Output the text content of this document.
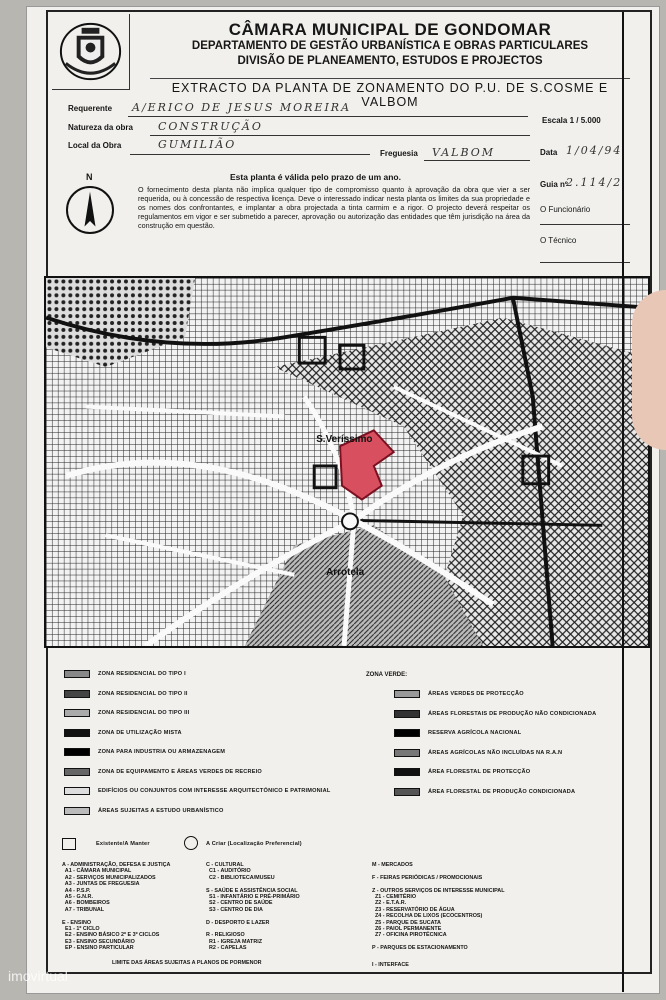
CÂMARA MUNICIPAL DE GONDOMAR
DEPARTAMENTO DE GESTÃO URBANÍSTICA E OBRAS PARTICULARES
DIVISÃO DE PLANEAMENTO, ESTUDOS E PROJECTOS
EXTRACTO DA PLANTA DE ZONAMENTO DO P.U. DE S.COSME E VALBOM
Requerente A/ERICO DE JESUS MOREIRA
Escala 1 / 5.000
Natureza da obra CONSTRUÇÃO
Local da Obra	GUMILIÃO
Freguesia VALBOM	Data 1/04/94
N	Esta planta é válida pelo prazo de um ano.
O fornecimento desta planta não implica qualquer tipo de compromisso quanto à aprovação da obra que vier a ser requerida, ou à concessão de respectiva licença. Deve o interessado indicar nesta planta os limites da sua propriedade e os nomes dos confrontantes, e implantar a obra projectada a tinta carmim e a rigor. O projecto deverá respeitar os regulamentos em vigor e ser submetido a parecer, aprovação ou autorização das entidades que têm jurisdição na área da construção em questão.
Guia nº
2.114/2
O Funcionário
O Técnico
S.Veríssimo
Arrotela
ZONA RESIDENCIAL DO TIPO I
ZONA RESIDENCIAL DO TIPO II
ZONA RESIDENCIAL DO TIPO III
ZONA DE UTILIZAÇÃO MISTA
ZONA PARA INDUSTRIA OU ARMAZENAGEM
ZONA DE EQUIPAMENTO E ÁREAS VERDES DE RECREIO
EDIFÍCIOS OU CONJUNTOS COM INTERESSE ARQUITECTÓNICO E PATRIMONIAL
ÁREAS SUJEITAS A ESTUDO URBANÍSTICO
ZONA VERDE:
ÁREAS VERDES DE PROTECÇÃO
ÁREAS FLORESTAIS DE PRODUÇÃO NÃO CONDICIONADA
RESERVA AGRÍCOLA NACIONAL
ÁREAS AGRÍCOLAS NÃO INCLUÍDAS NA R.A.N
ÁREA FLORESTAL DE PROTECÇÃO
ÁREA FLORESTAL DE PRODUÇÃO CONDICIONADA
Existente/A Manter	A Criar (Localização Preferencial)
A - ADMINISTRAÇÃO, DEFESA E JUSTIÇA
A1 - CÂMARA MUNICIPAL
A2 - SERVIÇOS MUNICIPALIZADOS
A3 - JUNTAS DE FREGUESIA
A4 - P.S.P.
A5 - G.N.R.
A6 - BOMBEIROS
A7 - TRIBUNAL

E - ENSINO
E1 - 1º CICLO
E2 - ENSINO BÁSICO 2º E 3º CICLOS
E3 - ENSINO SECUNDÁRIO
EP - ENSINO PARTICULAR
C - CULTURAL
C1 - AUDITÓRIO
C2 - BIBLIOTECA/MUSEU

S - SAÚDE E ASSISTÊNCIA SOCIAL
S1 - INFANTÁRIO E PRÉ-PRIMÁRIO
S2 - CENTRO DE SAÚDE
S3 - CENTRO DE DIA

D - DESPORTO E LAZER

R - RELIGIOSO
R1 - IGREJA MATRIZ
R2 - CAPELAS
M - MERCADOS

F - FEIRAS PERIÓDICAS / PROMOCIONAIS

Z - OUTROS SERVIÇOS DE INTERESSE MUNICIPAL
Z1 - CEMITÉRIO
Z2 - E.T.A.R.
Z3 - RESERVATÓRIO DE ÁGUA
Z4 - RECOLHA DE LIXOS (ECOCENTROS)
Z5 - PARQUE DE SUCATA
Z6 - PAIOL PERMANENTE
Z7 - OFICINA PIROTÉCNICA

P - PARQUES DE ESTACIONAMENTO
LIMITE DAS ÁREAS SUJEITAS A PLANOS DE PORMENOR	I - INTERFACE
imovirtual
